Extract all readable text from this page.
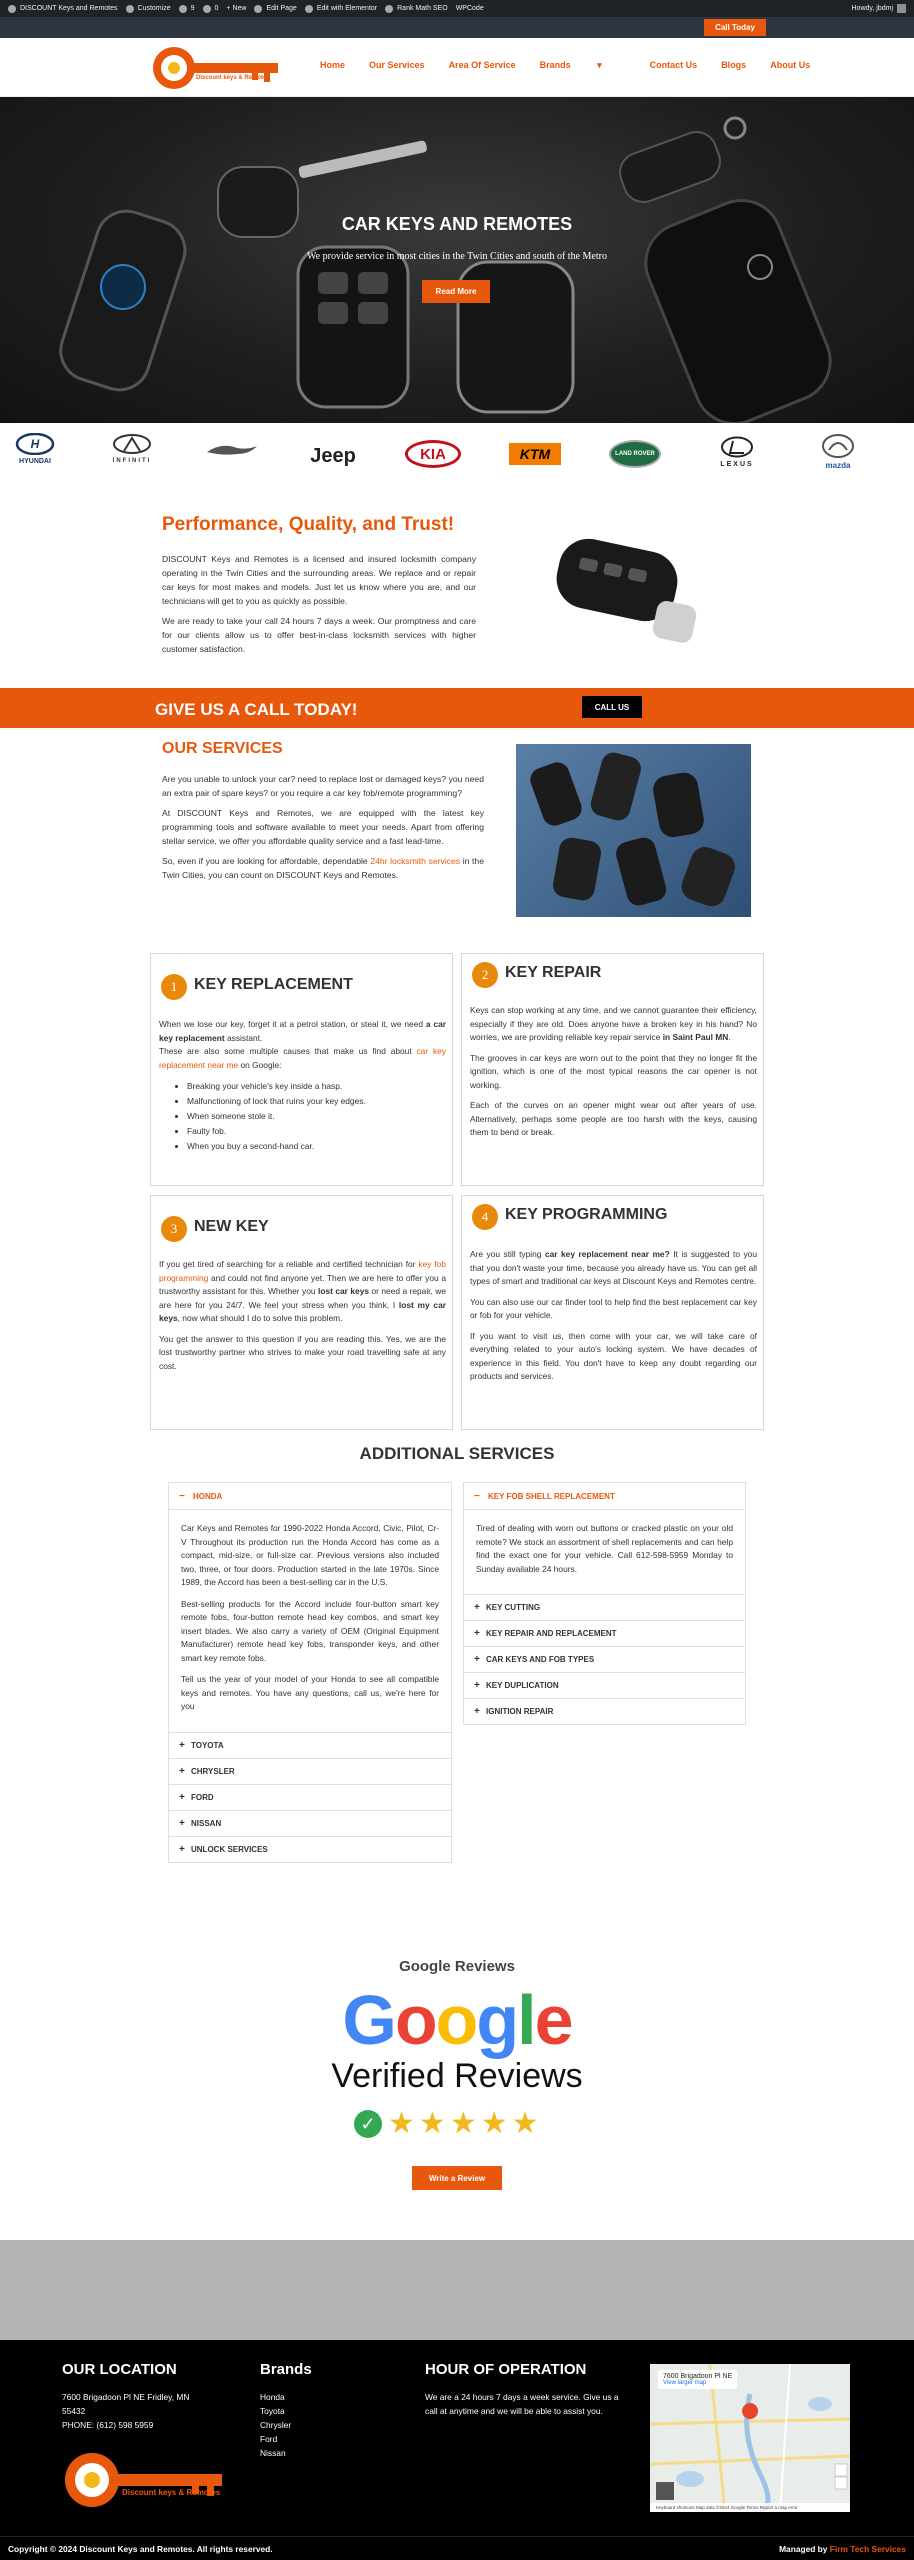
DISCOUNT Keys and Remotes	Customize	9	0 + New	Edit Page	Edit with Elementor	Rank Math SEO WPCode	Howdy, jbdmj
Call Today
Discount keys & Remotes
Home	Our Services	Area Of Service	Brands	▾	Contact Us	Blogs	About Us
CAR KEYS AND REMOTES

We provide service in most cities in the Twin Cities and south of the Metro

Read More
H
HYUNDAI	INFINITI	Jeep	KIA	KTM	LAND ROVER
LEXUS	mazda
Performance, Quality, and Trust!

DISCOUNT Keys and Remotes is a licensed and insured locksmith company operating in the Twin Cities and the surrounding areas. We replace and or repair car keys for most makes and models. Just let us know where you are, and our technicians will get to you as quickly as possible.

We are ready to take your call 24 hours 7 days a week. Our promptness and care for our clients allow us to offer best-in-class locksmith services with higher customer satisfaction.

GIVE US A CALL TODAY!	CALL US
OUR SERVICES

Are you unable to unlock your car? need to replace lost or damaged keys? you need an extra pair of spare keys? or you require a car key fob/remote programming?

At DISCOUNT Keys and Remotes, we are equipped with the latest key programming tools and software available to meet your needs. Apart from offering stellar service, we offer you affordable quality service and a fast lead-time.

So, even if you are looking for affordable, dependable 24hr locksmith services in the Twin Cities, you can count on DISCOUNT Keys and Remotes.

1	KEY REPLACEMENT

When we lose our key, forget it at a petrol station, or steal it, we need a car key replacement assistant.

These are also some multiple causes that make us find about car key replacement near me on Google:

• Breaking your vehicle's key inside a hasp.
• Malfunctioning of lock that ruins your key edges.
• When someone stole it.
• Faulty fob.
• When you buy a second-hand car.
2	KEY REPAIR

Keys can stop working at any time, and we cannot guarantee their efficiency, especially if they are old. Does anyone have a broken key in his hand? No worries, we are providing reliable key repair service in Saint Paul MN.

The grooves in car keys are worn out to the point that they no longer fit the ignition, which is one of the most typical reasons the car opener is not working.

Each of the curves on an opener might wear out after years of use. Alternatively, perhaps some people are too harsh with the keys, causing them to bend or break.

3	NEW KEY

If you get tired of searching for a reliable and certified technician for key fob programming and could not find anyone yet. Then we are here to offer you a trustworthy assistant for this. Whether you lost car keys or need a repair, we are here for you 24/7. We feel your stress when you think, I lost my car keys, now what should I do to solve this problem.

You get the answer to this question if you are reading this. Yes, we are the lost trustworthy partner who strives to make your road travelling safe at any cost.

4	KEY PROGRAMMING

Are you still typing car key replacement near me? It is suggested to you that you don't waste your time, because you already have us. You can get all types of smart and traditional car keys at Discount Keys and Remotes centre.

You can also use our car finder tool to help find the best replacement car key or fob for your vehicle.

If you want to visit us, then come with your car, we will take care of everything related to your auto's locking system. We have decades of experience in this field. You don't have to keep any doubt regarding our products and services.

ADDITIONAL SERVICES
−	HONDA

Car Keys and Remotes for 1990-2022 Honda Accord, Civic, Pilot, Cr-V Throughout its production run the Honda Accord has come as a compact, mid-size, or full-size car. Previous versions also included two, three, or four doors. Production started in the late 1970s. Since 1989, the Accord has been a best-selling car in the U.S.

Best-selling products for the Accord include four-button smart key remote fobs, four-button remote head key combos, and smart key insert blades. We also carry a variety of OEM (Original Equipment Manufacturer) remote head key fobs, transponder keys, and other smart key remote fobs.

Tell us the year of your model of your Honda to see all compatible keys and remotes. You have any questions, call us, we're here for you

+ TOYOTA
+ CHRYSLER
+ FORD
+ NISSAN
+ UNLOCK SERVICES
−	KEY FOB SHELL REPLACEMENT

Tired of dealing with worn out buttons or cracked plastic on your old remote? We stock an assortment of shell replacements and can help find the exact one for your vehicle. Call 612-598-5959 Monday to Sunday available 24 hours.

+ KEY CUTTING
+ KEY REPAIR AND REPLACEMENT
+ CAR KEYS AND FOB TYPES
+ KEY DUPLICATION
+ IGNITION REPAIR
Google Reviews
Google
Verified Reviews
✓ ★ ★ ★ ★ ★
Write a Review
OUR LOCATION
7600 Brigadoon Pl NE Fridley, MN
55432
PHONE: (612) 598 5959
Discount keys & Remotes
Brands
Honda
Toyota
Chrysler
Ford
Nissan
HOUR OF OPERATION
We are a 24 hours 7 days a week service. Give us a call at anytime and we will be able to assist you.
7600 Brigadoon Pl NE
View larger map
Keyboard shortcuts Map data ©2024 Google Terms Report a map error
Copyright © 2024 Discount Keys and Remotes. All rights reserved.	Managed by Firm Tech Services
